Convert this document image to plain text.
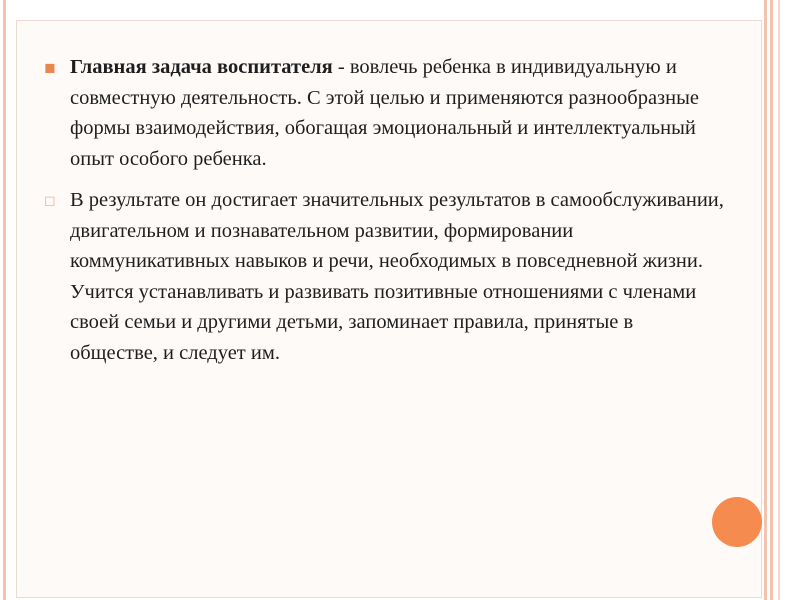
◼ Главная задача воспитателя - вовлечь ребенка в индивидуальную и совместную деятельность. С этой целью и применяются разнообразные формы взаимодействия, обогащая эмоциональный и интеллектуальный опыт особого ребенка.

◻ В результате он достигает значительных результатов в самообслуживании, двигательном и познавательном развитии, формировании коммуникативных навыков и речи, необходимых в повседневной жизни. Учится устанавливать и развивать позитивные отношениями с членами своей семьи и другими детьми, запоминает правила, принятые в обществе, и следует им.
